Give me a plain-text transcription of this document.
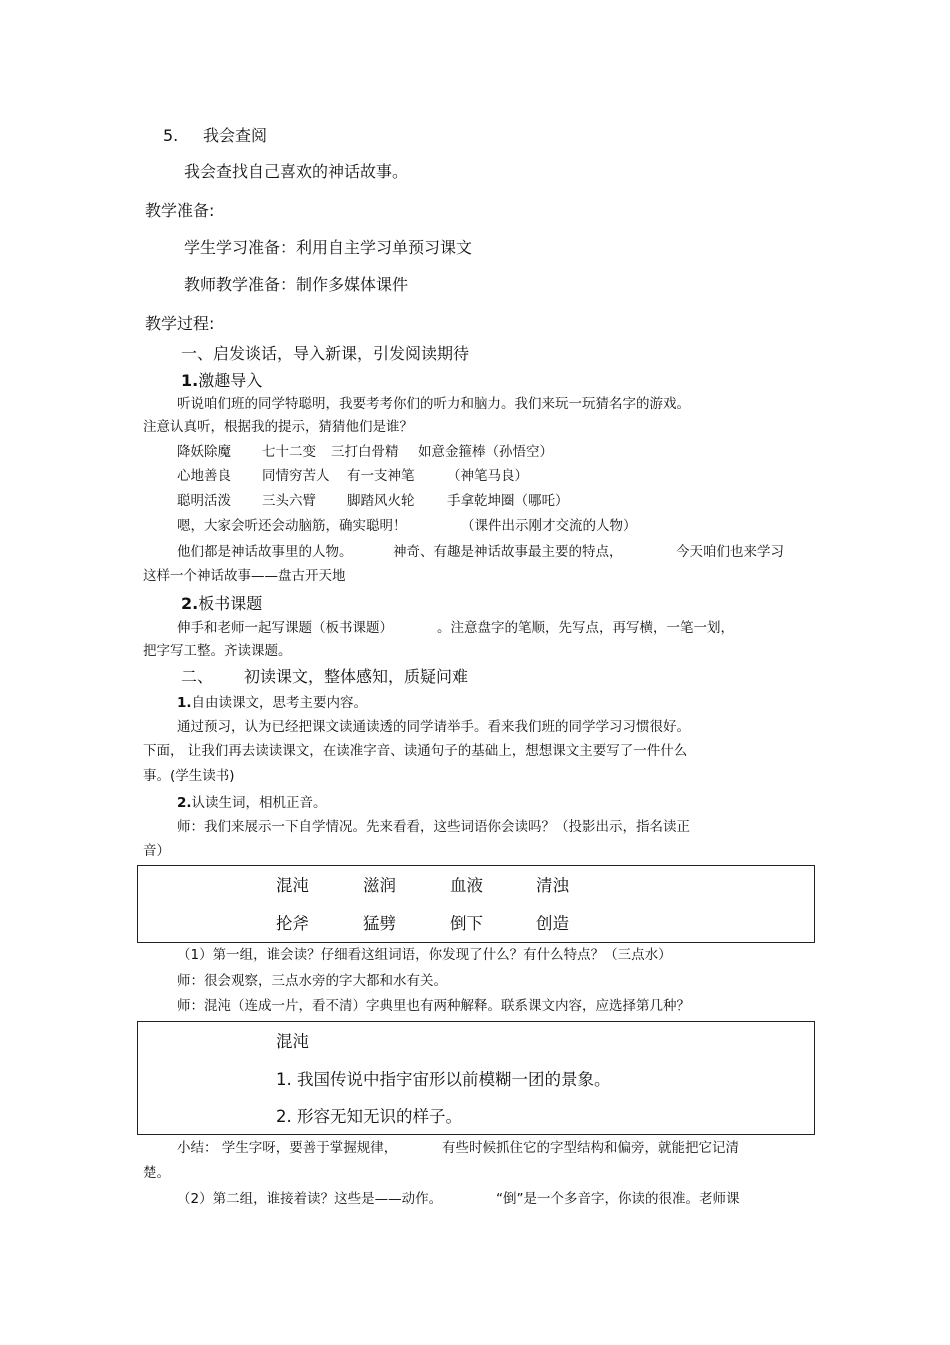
5. 我会查阅
我会查找自己喜欢的神话故事。
教学准备:
学生学习准备：利用自主学习单预习课文
教师教学准备：制作多媒体课件
教学过程:
一、启发谈话，导入新课，引发阅读期待
1.激趣导入
听说咱们班的同学特聪明，我要考考你们的听力和脑力。我们来玩一玩猜名字的游戏。
注意认真听，根据我的提示，猜猜他们是谁？
降妖除魔 七十二变 三打白骨精 如意金箍棒（孙悟空）
心地善良 同情穷苦人 有一支神笔 （神笔马良）
聪明活泼 三头六臂 脚踏风火轮 手拿乾坤圈（哪吒）
嗯，大家会听还会动脑筋，确实聪明！	（课件出示刚才交流的人物）
他们都是神话故事里的人物。	神奇、有趣是神话故事最主要的特点，	今天咱们也来学习
这样一个神话故事——盘古开天地
2.板书课题
伸手和老师一起写课题（板书课题）	。注意盘字的笔顺，先写点，再写横，一笔一划，
把字写工整。齐读课题。
二、 初读课文，整体感知，质疑问难
1.自由读课文，思考主要内容。
通过预习，认为已经把课文读通读透的同学请举手。看来我们班的同学学习习惯很好。
下面， 让我们再去读读课文，在读准字音、读通句子的基础上，想想课文主要写了一件什么
事。(学生读书)
2.认读生词，相机正音。
师：我们来展示一下自学情况。先来看看，这些词语你会读吗？（投影出示，指名读正
音）
混沌	滋润	血液	清浊
抡斧	猛劈	倒下	创造
（1）第一组，谁会读？仔细看这组词语，你发现了什么？有什么特点？（三点水）
师：很会观察，三点水旁的字大都和水有关。
师：混沌（连成一片，看不清）字典里也有两种解释。联系课文内容，应选择第几种？
混沌
1. 我国传说中指宇宙形以前模糊一团的景象。
2. 形容无知无识的样子。
小结： 学生字呀，要善于掌握规律，	有些时候抓住它的字型结构和偏旁，就能把它记清
楚。
（2）第二组，谁接着读？这些是——动作。	“倒”是一个多音字，你读的很准。老师课
